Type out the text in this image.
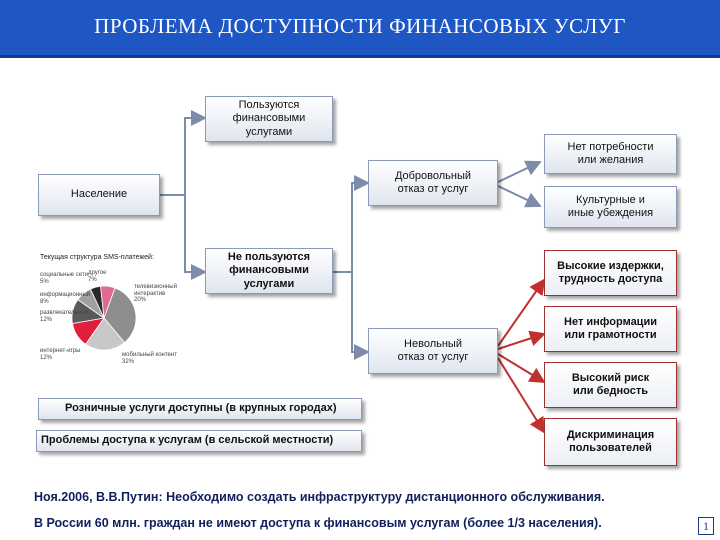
ПРОБЛЕМА ДОСТУПНОСТИ ФИНАНСОВЫХ УСЛУГ
Пользуются финансовыми услугами
Население
Не пользуются финансовыми услугами
Добровольный отказ от услуг
Невольный отказ от услуг
Нет потребности или желания
Культурные и иные убеждения
Высокие издержки, трудность доступа
Нет информации или грамотности
Высокий риск или бедность
Дискриминация пользователей
Розничные услуги доступны (в крупных городах)
Проблемы доступа к услугам (в сельской местности)
Текущая структура SMS-платежей:
социальные сети
5%
другое
7%
информационный
8%
развлекательный
12%
интернет-игры
12%
телевизионный интерактив
20%
мобильный контент
32%
Ноя.2006, В.В.Путин: Необходимо создать инфраструктуру дистанционного обслуживания.
В России 60 млн. граждан не имеют доступа к финансовым услугам (более 1/3 населения).	1
